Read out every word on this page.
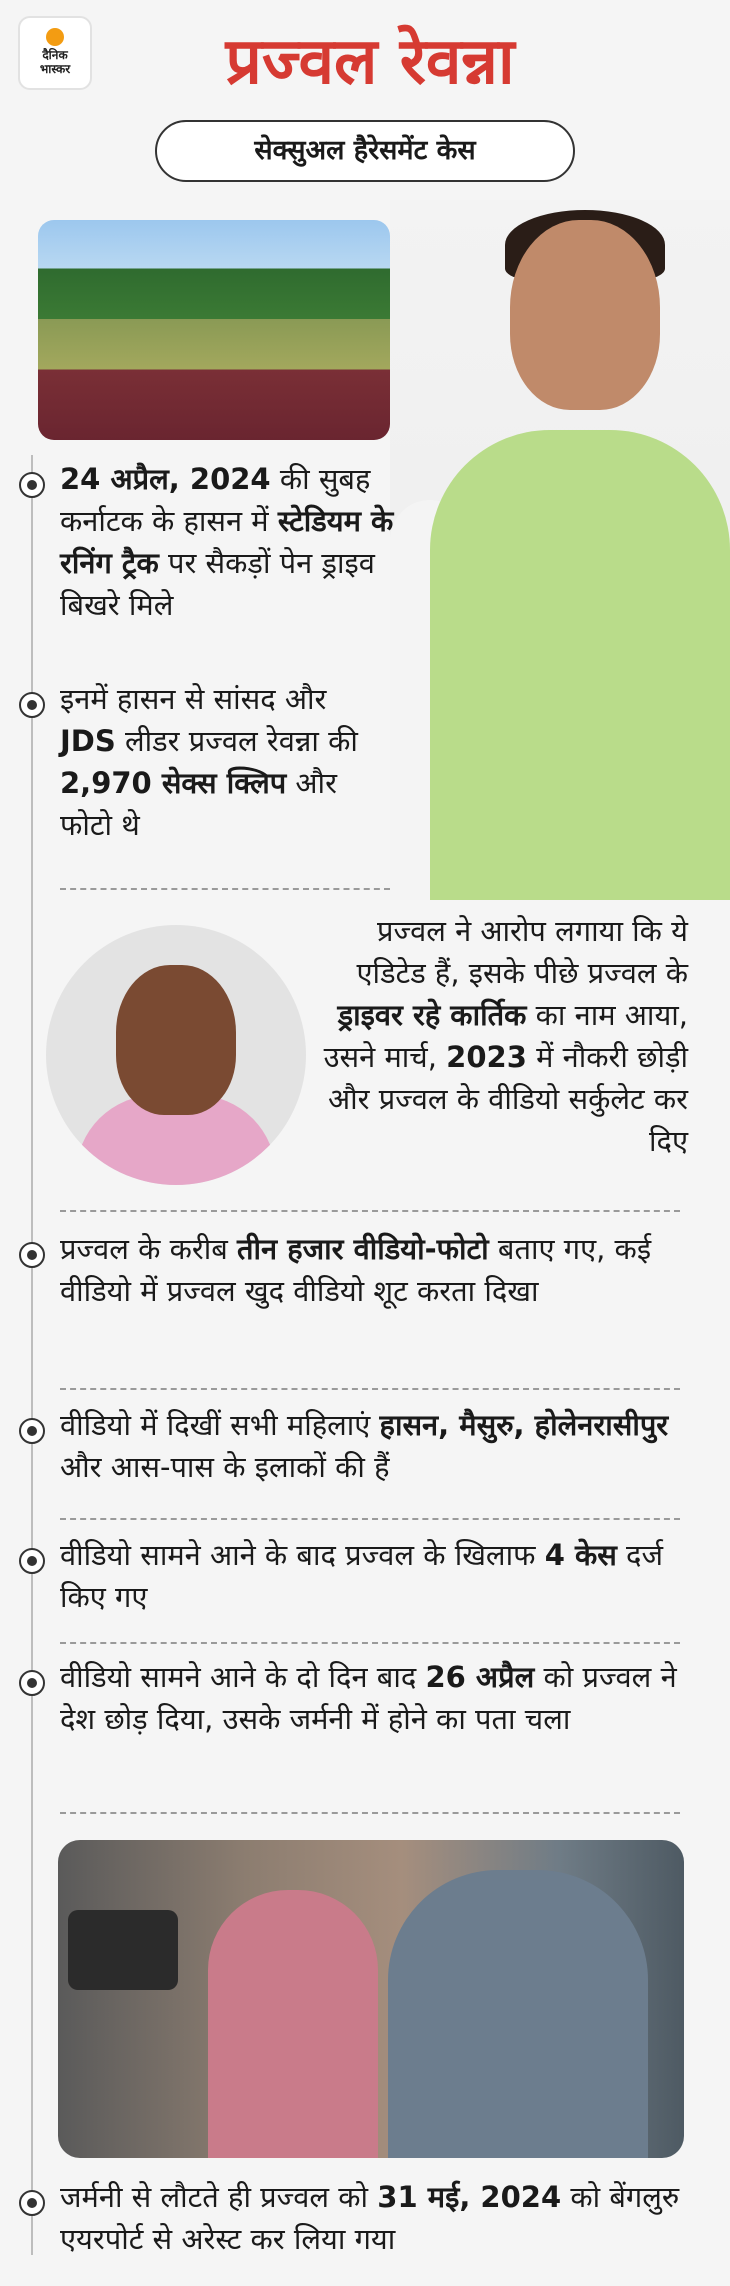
दैनिक
भास्कर	प्रज्वल रेवन्ना
सेक्सुअल हैरेसमेंट केस
24 अप्रैल, 2024 की सुबह कर्नाटक के हासन में स्टेडियम के रनिंग ट्रैक पर सैकड़ों पेन ड्राइव बिखरे मिले
इनमें हासन से सांसद और JDS लीडर प्रज्वल रेवन्ना की 2,970 सेक्स क्लिप और फोटो थे
प्रज्वल ने आरोप लगाया कि ये एडिटेड हैं, इसके पीछे प्रज्वल के ड्राइवर रहे कार्तिक का नाम आया, उसने मार्च, 2023 में नौकरी छोड़ी और प्रज्वल के वीडियो सर्कुलेट कर दिए
प्रज्वल के करीब तीन हजार वीडियो-फोटो बताए गए, कई वीडियो में प्रज्वल खुद वीडियो शूट करता दिखा
वीडियो में दिखीं सभी महिलाएं हासन, मैसुरु, होलेनरासीपुर और आस-पास के इलाकों की हैं
वीडियो सामने आने के बाद प्रज्वल के खिलाफ 4 केस दर्ज किए गए
वीडियो सामने आने के दो दिन बाद 26 अप्रैल को प्रज्वल ने देश छोड़ दिया, उसके जर्मनी में होने का पता चला
जर्मनी से लौटते ही प्रज्वल को 31 मई, 2024 को बेंगलुरु एयरपोर्ट से अरेस्ट कर लिया गया
